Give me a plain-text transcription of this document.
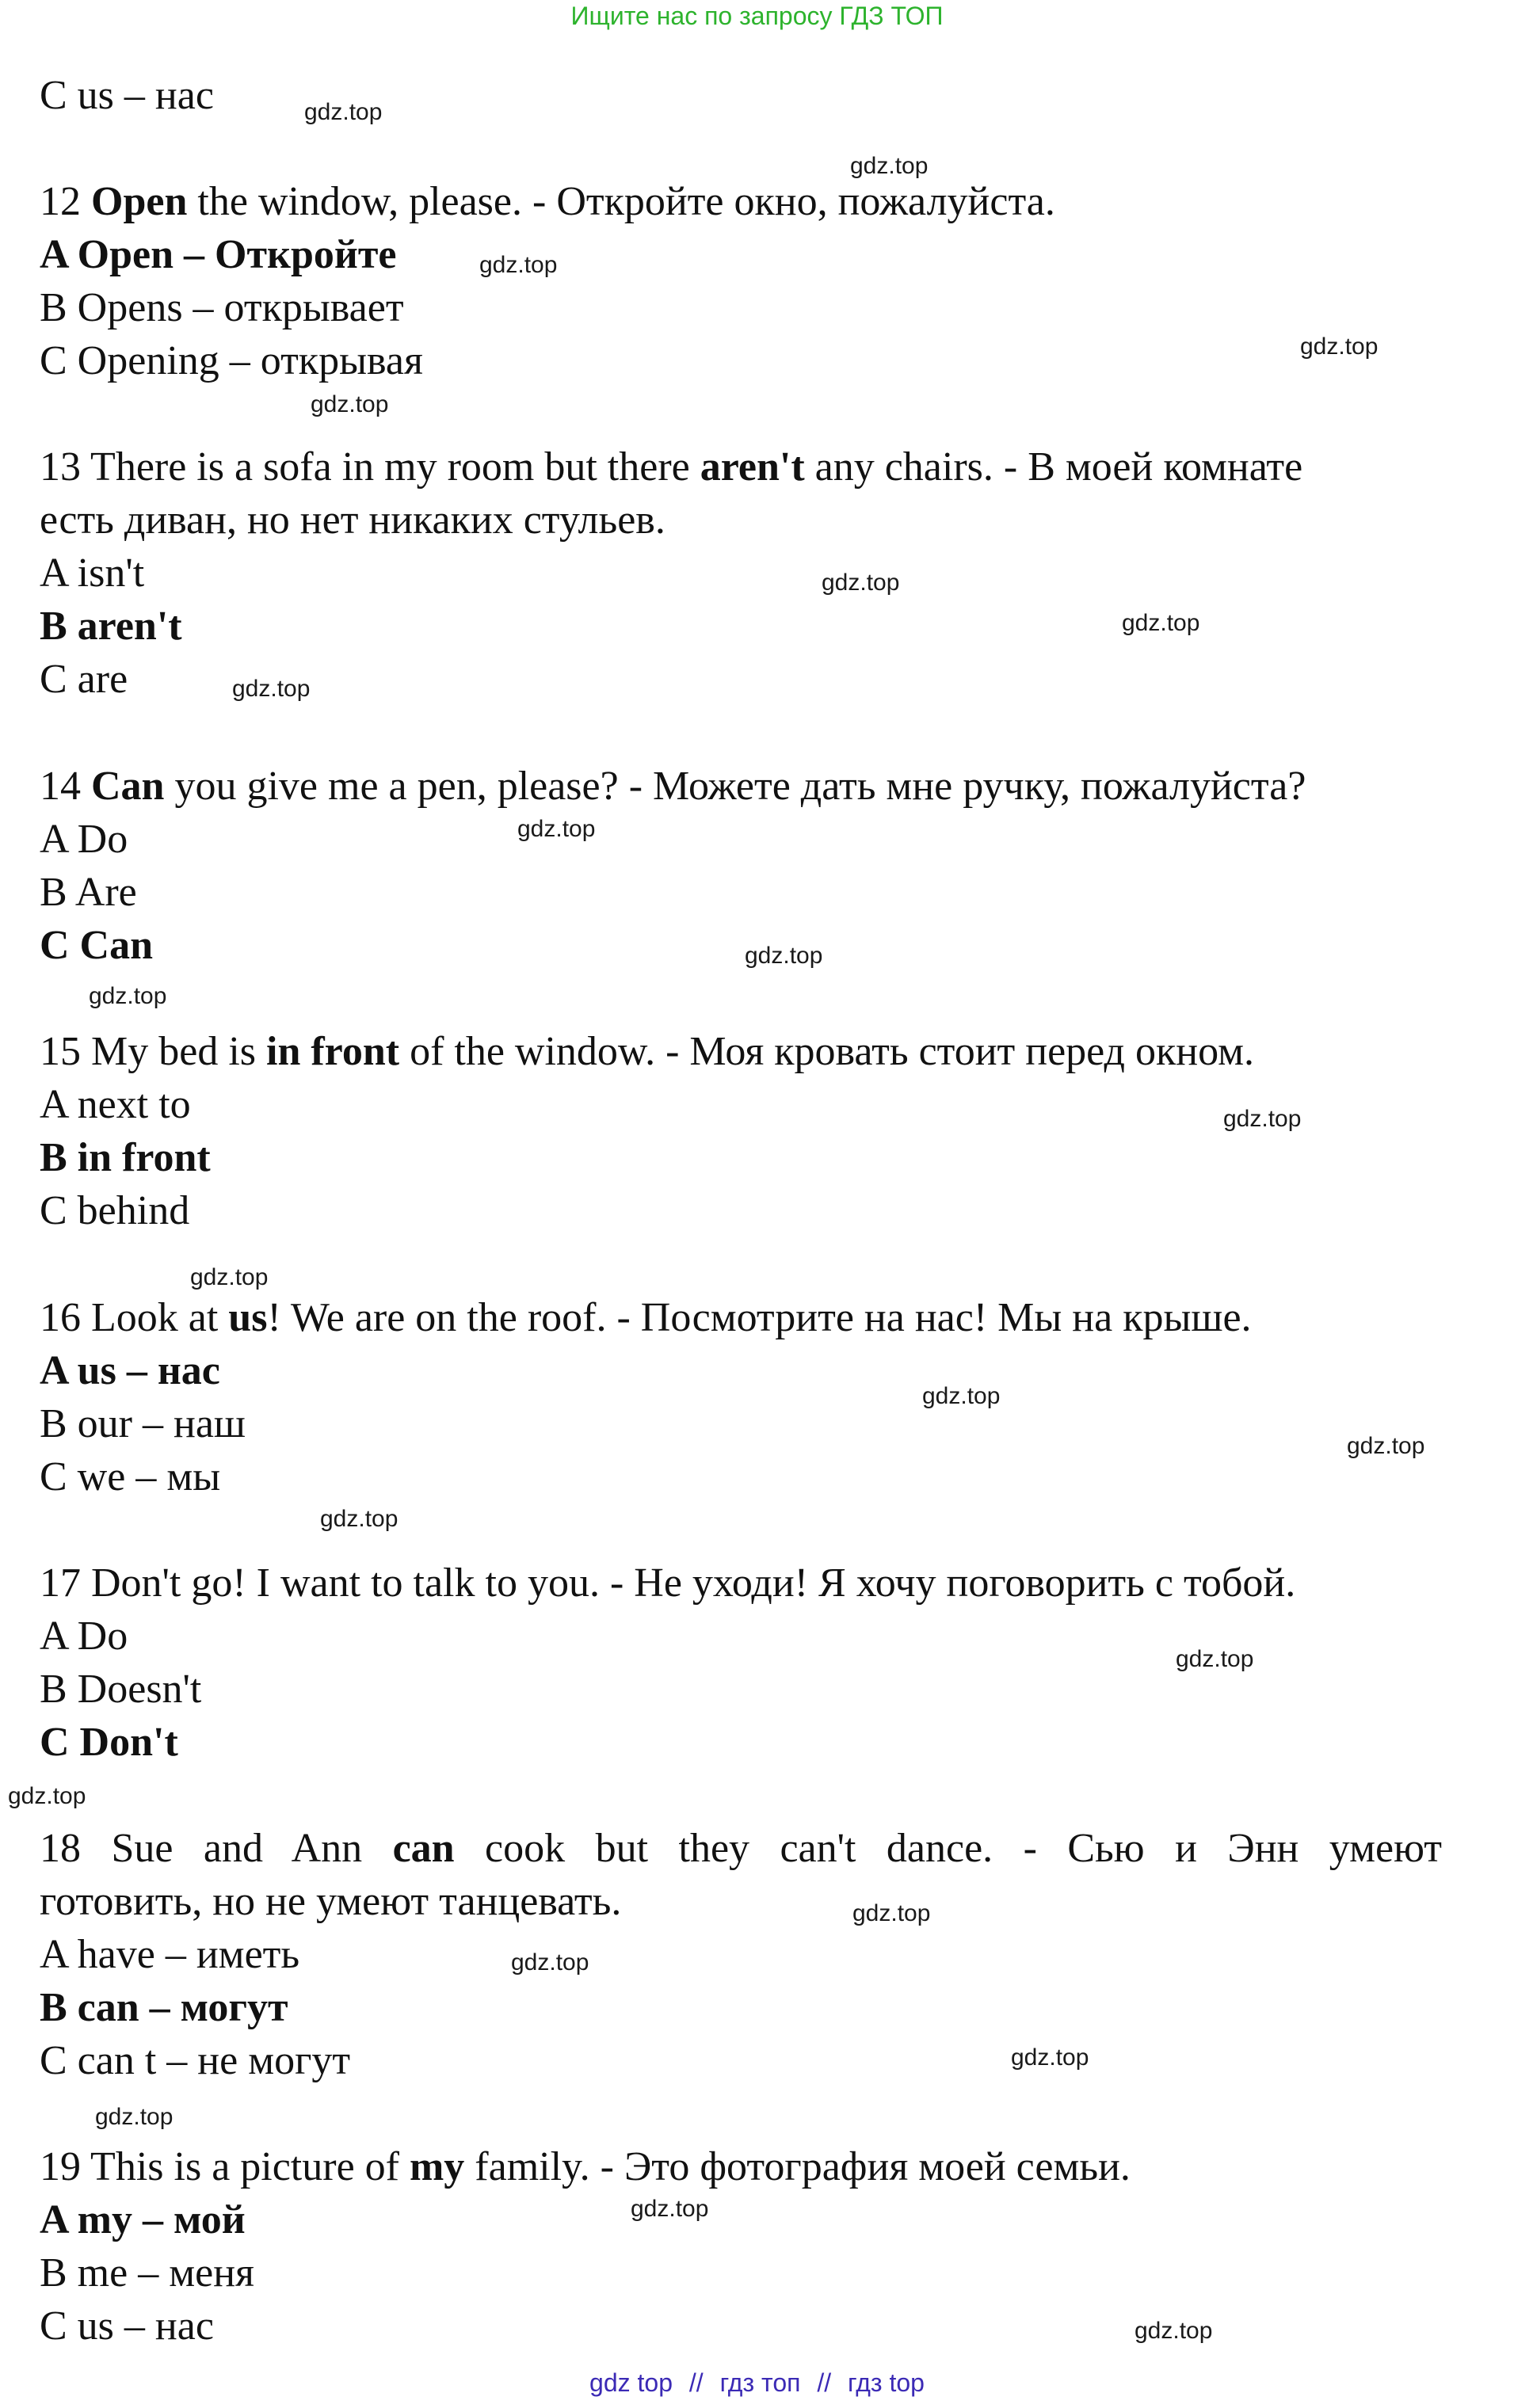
Ищите нас по запросу ГДЗ ТОП
C us – нас
12 Open the window, please. - Откройте окно, пожалуйста.
A Open – Откройте
B Opens – открывает
C Opening – открывая
13 There is a sofa in my room but there aren't any chairs. - В моей комнате
есть диван, но нет никаких стульев.
A isn't
B aren't
C are
14 Can you give me a pen, please? - Можете дать мне ручку, пожалуйста?
A Do
B Are
C Can
15 My bed is in front of the window. - Моя кровать стоит перед окном.
A next to
B in front
C behind
16 Look at us! We are on the roof. - Посмотрите на нас! Мы на крыше.
A us – нас
B our – наш
C we – мы
17 Don't go! I want to talk to you. - Не уходи! Я хочу поговорить с тобой.
A Do
B Doesn't
C Don't
18 Sue and Ann can cook but they can't dance. - Сью и Энн умеют
готовить, но не умеют танцевать.
A have – иметь
B can – могут
C can t – не могут
19 This is a picture of my family. - Это фотография моей семьи.
A my – мой
B me – меня
C us – нас
gdz.top
gdz.top
gdz.top
gdz.top
gdz.top
gdz.top
gdz.top
gdz.top
gdz.top
gdz.top
gdz.top
gdz.top
gdz.top
gdz.top
gdz.top
gdz.top
gdz.top
gdz.top
gdz.top
gdz.top
gdz.top
gdz.top
gdz.top
gdz.top
gdz top // гдз топ // гдз top
